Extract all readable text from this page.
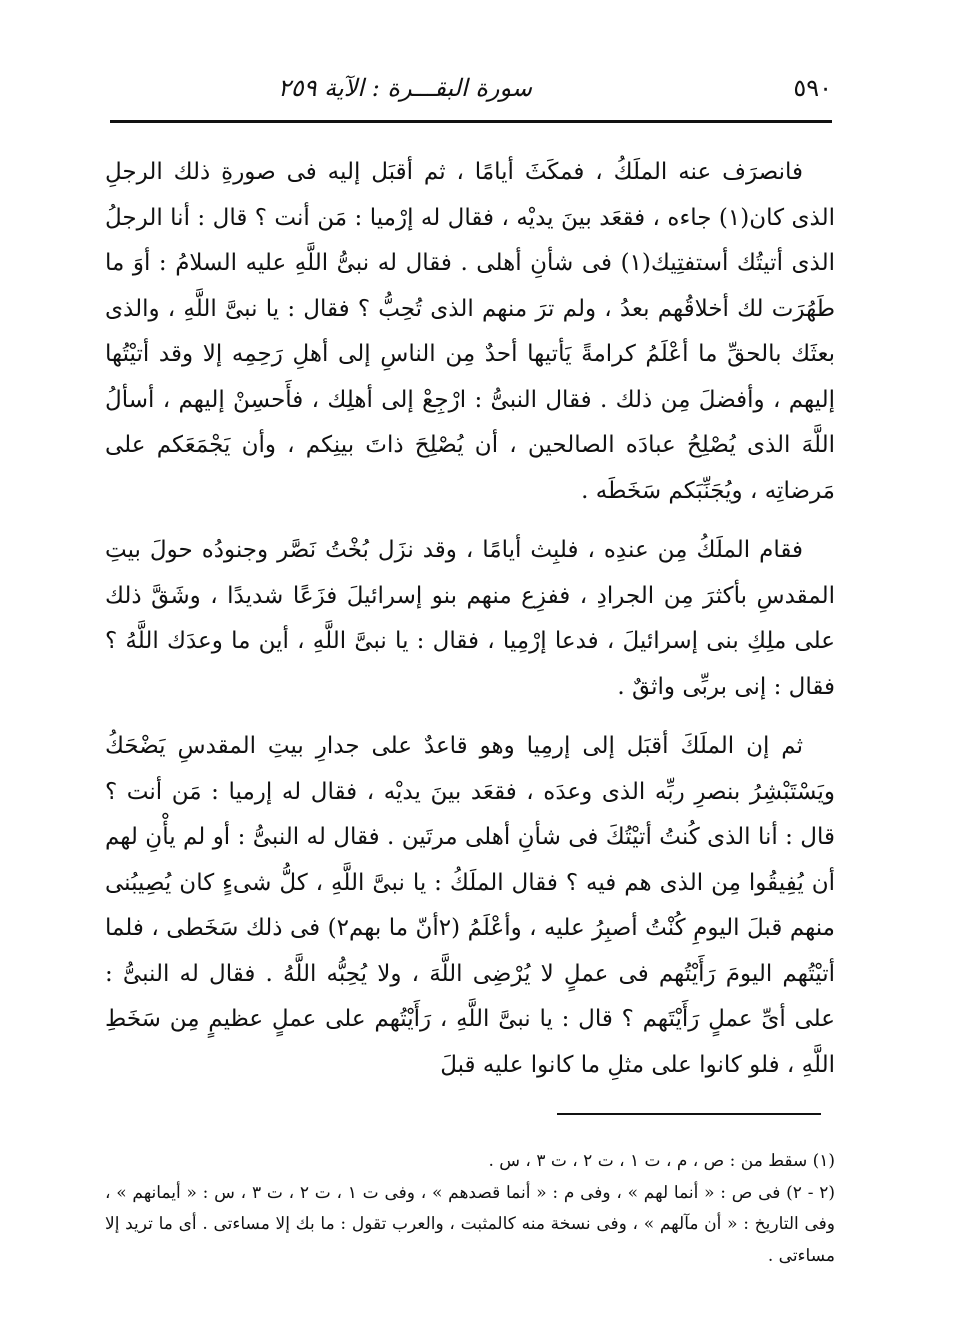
٥٩٠
سورة البقـــرة : الآية ٢٥٩

فانصرَف عنه الملَكُ ، فمكَثَ أيامًا ، ثم أقبَل إليه فى صورةِ ذلك الرجلِ الذى كان(١) جاءه ، فقعَد بينَ يديْه ، فقال له إرْميا : مَن أنت ؟ قال : أنا الرجلُ الذى أتيتُك أستفتِيك(١) فى شأنِ أهلى . فقال له نبىُّ اللَّهِ عليه السلامُ : أوَ ما طَهُرَت لك أخلاقُهم بعدُ ، ولم ترَ منهم الذى تُحِبُّ ؟ فقال : يا نبىَّ اللَّهِ ، والذى بعثَك بالحقِّ ما أعْلَمُ كرامةً يَأتيها أحدٌ مِن الناسِ إلى أهلِ رَحِمِه إلا وقد أتيْتُها إليهم ، وأفضلَ مِن ذلك . فقال النبىُّ : ارْجِعْ إلى أهلِك ، فأَحسِنْ إليهم ، أسألُ اللَّهَ الذى يُصْلِحُ عبادَه الصالحين ، أن يُصْلِحَ ذاتَ بينِكم ، وأن يَجْمَعَكم على مَرضاتِه ، ويُجَنِّبَكم سَخَطَه .

فقام الملَكُ مِن عندِه ، فلبِث أيامًا ، وقد نزَل بُخْتُ نَصَّر وجنودُه حولَ بيتِ المقدسِ بأكثرَ مِن الجرادِ ، ففزِع منهم بنو إسرائيلَ فزَعًا شديدًا ، وشَقَّ ذلك على ملِكِ بنى إسرائيلَ ، فدعا إرْمِيا ، فقال : يا نبىَّ اللَّهِ ، أين ما وعدَك اللَّهُ ؟ فقال : إنى بربِّى واثقٌ .

ثم إن الملَكَ أقبَل إلى إرمِيا وهو قاعدٌ على جدارِ بيتِ المقدسِ يَضْحَكُ ويَسْتَبْشِرُ بنصرِ ربِّه الذى وعدَه ، فقعَد بينَ يديْه ، فقال له إرميا : مَن أنت ؟ قال : أنا الذى كُنتُ أتيْتُكَ فى شأنِ أهلى مرتَين . فقال له النبىُّ : أو لم يأْنِ لهم أن يُفِيقُوا مِن الذى هم فيه ؟ فقال الملَكُ : يا نبىَّ اللَّهِ ، كلُّ شىءٍ كان يُصِيبُنى منهم قبلَ اليومِ كُنْتُ أصبِرُ عليه ، وأعْلَمُ (٢أنّ ما بهم٢) فى ذلك سَخَطى ، فلما أتيْتُهم اليومَ رَأَيْتُهم فى عملٍ لا يُرْضِى اللَّهَ ، ولا يُحِبُّه اللَّهُ . فقال له النبىُّ : على أىِّ عملٍ رَأَيْتَهم ؟ قال : يا نبىَّ اللَّهِ ، رَأَيْتُهم على عملٍ عظيمٍ مِن سَخَطِ اللَّهِ ، فلو كانوا على مثلِ ما كانوا عليه قبلَ

(١) سقط من : ص ، م ، ت ١ ، ت ٢ ، ت ٣ ، س .

(٢ - ٢) فى ص : « أنما لهم » ، وفى م : « أنما قصدهم » ، وفى ت ١ ، ت ٢ ، ت ٣ ، س : « أيمانهم » ، وفى التاريخ : « أن مآلهم » ، وفى نسخة منه كالمثبت ، والعرب تقول : ما بك إلا مساءتى . أى ما تريد إلا مساءتى .
